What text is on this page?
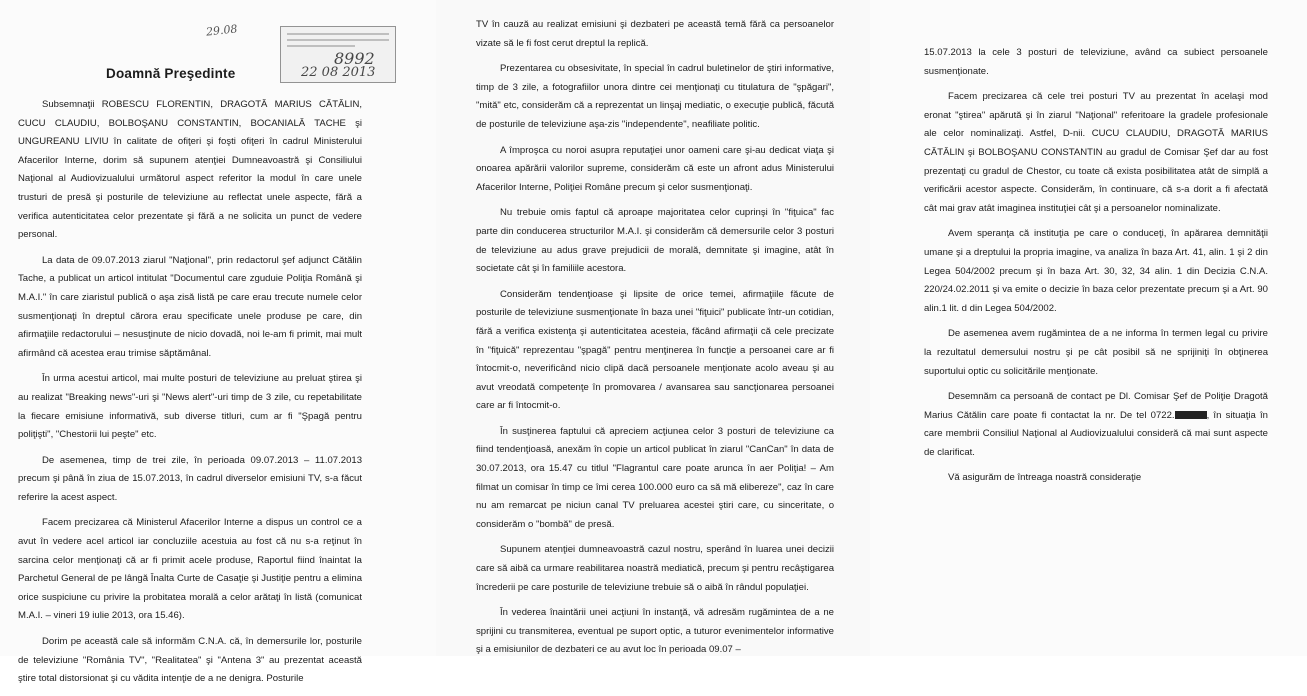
29.08
8992
22 08 2013
Doamnă Preşedinte

Subsemnaţii ROBESCU FLORENTIN, DRAGOTĂ MARIUS CĂTĂLIN, CUCU CLAUDIU, BOLBOŞANU CONSTANTIN, BOCANIALĂ TACHE şi UNGUREANU LIVIU în calitate de ofiţeri şi foşti ofiţeri în cadrul Ministerului Afacerilor Interne, dorim să supunem atenţiei Dumneavoastră şi Consiliului Naţional al Audiovizualului următorul aspect referitor la modul în care unele trusturi de presă şi posturile de televiziune au reflectat unele aspecte, fără a verifica autenticitatea celor prezentate şi fără a ne solicita un punct de vedere personal.

La data de 09.07.2013 ziarul "Naţional", prin redactorul şef adjunct Cătălin Tache, a publicat un articol intitulat "Documentul care zguduie Poliţia Română şi M.A.I." în care ziaristul publică o aşa zisă listă pe care erau trecute numele celor susmenţionaţi în dreptul cărora erau specificate unele produse pe care, din afirmaţiile redactorului – nesusţinute de nicio dovadă, noi le-am fi primit, mai mult afirmând că acestea erau trimise săptămânal.

În urma acestui articol, mai multe posturi de televiziune au preluat ştirea şi au realizat "Breaking news"-uri şi "News alert"-uri timp de 3 zile, cu repetabilitate la fiecare emisiune informativă, sub diverse titluri, cum ar fi "Şpagă pentru poliţişti", "Chestorii lui peşte" etc.

De asemenea, timp de trei zile, în perioada 09.07.2013 – 11.07.2013 precum şi până în ziua de 15.07.2013, în cadrul diverselor emisiuni TV, s-a făcut referire la acest aspect.

Facem precizarea că Ministerul Afacerilor Interne a dispus un control ce a avut în vedere acel articol iar concluziile acestuia au fost că nu s-a reţinut în sarcina celor menţionaţi că ar fi primit acele produse, Raportul fiind înaintat la Parchetul General de pe lângă Înalta Curte de Casaţie şi Justiţie pentru a elimina orice suspiciune cu privire la probitatea morală a celor arătaţi în listă (comunicat M.A.I. – vineri 19 iulie 2013, ora 15.46).

Dorim pe această cale să informăm C.N.A. că, în demersurile lor, posturile de televiziune "România TV", "Realitatea" şi "Antena 3" au prezentat această ştire total distorsionat şi cu vădita intenţie de a ne denigra. Posturile

TV în cauză au realizat emisiuni şi dezbateri pe această temă fără ca persoanelor vizate să le fi fost cerut dreptul la replică.

Prezentarea cu obsesivitate, în special în cadrul buletinelor de ştiri informative, timp de 3 zile, a fotografiilor unora dintre cei menţionaţi cu titulatura de "şpăgari", "mită" etc, considerăm că a reprezentat un linşaj mediatic, o execuţie publică, făcută de posturile de televiziune aşa-zis "independente", neafiliate politic.

A împroşca cu noroi asupra reputaţiei unor oameni care şi-au dedicat viaţa şi onoarea apărării valorilor supreme, considerăm că este un afront adus Ministerului Afacerilor Interne, Poliţiei Române precum şi celor susmenţionaţi.

Nu trebuie omis faptul că aproape majoritatea celor cuprinşi în "fiţuica" fac parte din conducerea structurilor M.A.I. şi considerăm că demersurile celor 3 posturi de televiziune au adus grave prejudicii de morală, demnitate şi imagine, atât în societate cât şi în familiile acestora.

Considerăm tendenţioase şi lipsite de orice temei, afirmaţiile făcute de posturile de televiziune susmenţionate în baza unei "fiţuici" publicate într-un cotidian, fără a verifica existenţa şi autenticitatea acesteia, făcând afirmaţii că cele precizate în "fiţuică" reprezentau "şpagă" pentru menţinerea în funcţie a persoanei care ar fi întocmit-o, neverificând nicio clipă dacă persoanele menţionate acolo aveau şi au avut vreodată competenţe în promovarea / avansarea sau sancţionarea persoanei care ar fi întocmit-o.

În susţinerea faptului că apreciem acţiunea celor 3 posturi de televiziune ca fiind tendenţioasă, anexăm în copie un articol publicat în ziarul "CanCan" în data de 30.07.2013, ora 15.47 cu titlul "Flagrantul care poate arunca în aer Poliţia! – Am filmat un comisar în timp ce îmi cerea 100.000 euro ca să mă elibereze", caz în care nu am remarcat pe niciun canal TV preluarea acestei ştiri care, cu sinceritate, o considerăm o "bombă" de presă.

Supunem atenţiei dumneavoastră cazul nostru, sperând în luarea unei decizii care să aibă ca urmare reabilitarea noastră mediatică, precum şi pentru recâştigarea încrederii pe care posturile de televiziune trebuie să o aibă în rândul populaţiei.

În vederea înaintării unei acţiuni în instanţă, vă adresăm rugămintea de a ne sprijini cu transmiterea, eventual pe suport optic, a tuturor evenimentelor informative şi a emisiunilor de dezbateri ce au avut loc în perioada 09.07 –

15.07.2013 la cele 3 posturi de televiziune, având ca subiect persoanele susmenţionate.

Facem precizarea că cele trei posturi TV au prezentat în acelaşi mod eronat "ştirea" apărută şi în ziarul "Naţional" referitoare la gradele profesionale ale celor nominalizaţi. Astfel, D-nii. CUCU CLAUDIU, DRAGOTĂ MARIUS CĂTĂLIN şi BOLBOŞANU CONSTANTIN au gradul de Comisar Şef dar au fost prezentaţi cu gradul de Chestor, cu toate că exista posibilitatea atât de simplă a verificării acestor aspecte. Considerăm, în continuare, că s-a dorit a fi afectată cât mai grav atât imaginea instituţiei cât şi a persoanelor nominalizate.

Avem speranţa că instituţia pe care o conduceţi, în apărarea demnităţii umane şi a dreptului la propria imagine, va analiza în baza Art. 41, alin. 1 şi 2 din Legea 504/2002 precum şi în baza Art. 30, 32, 34 alin. 1 din Decizia C.N.A. 220/24.02.2011 şi va emite o decizie în baza celor prezentate precum şi a Art. 90 alin.1 lit. d din Legea 504/2002.

De asemenea avem rugămintea de a ne informa în termen legal cu privire la rezultatul demersului nostru şi pe cât posibil să ne sprijiniţi în obţinerea suportului optic cu solicitările menţionate.

Desemnăm ca persoană de contact pe Dl. Comisar Şef de Poliţie Dragotă Marius Cătălin care poate fi contactat la nr. De tel 0722.	, în situaţia în care membrii Consiliul Naţional al Audiovizualului consideră că mai sunt aspecte de clarificat.

Vă asigurăm de întreaga noastră consideraţie
